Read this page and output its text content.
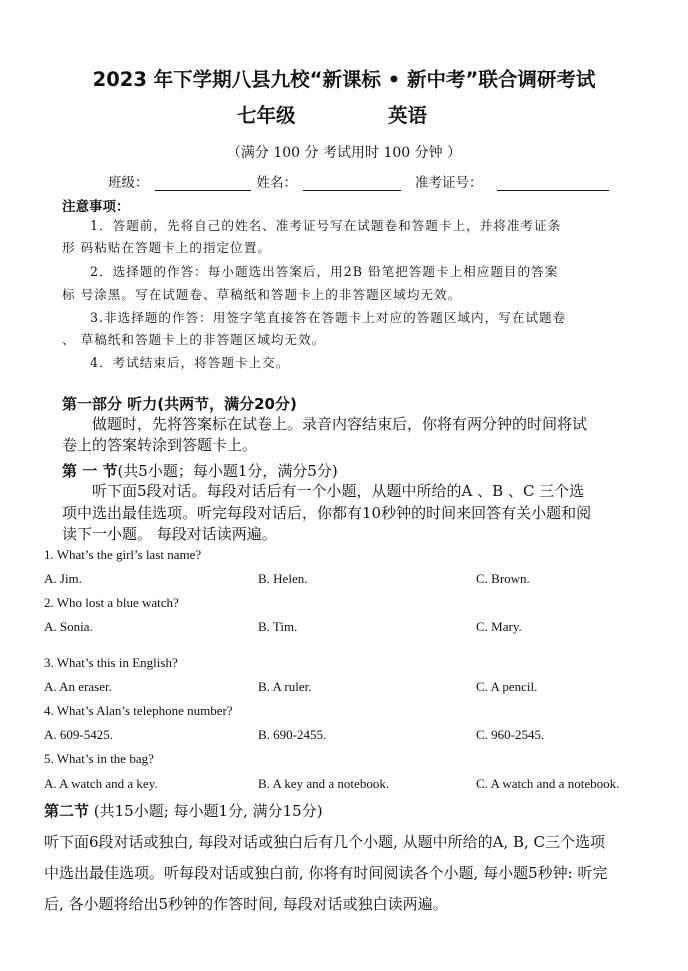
2023 年下学期八县九校“新课标 • 新中考”联合调研考试
七年级	英语
（满分 100 分 考试用时 100 分钟 ）
班级：	姓名：	准考证号：
注意事项：
1．答题前，先将自己的姓名、准考证号写在试题卷和答题卡上，并将准考证条
形 码粘贴在答题卡上的指定位置。
2．选择题的作答：每小题选出答案后，用2B 铅笔把答题卡上相应题目的答案
标 号涂黑。写在试题卷、草稿纸和答题卡上的非答题区域均无效。
3.非选择题的作答：用签字笔直接答在答题卡上对应的答题区域内，写在试题卷
、 草稿纸和答题卡上的非答题区域均无效。
4．考试结束后，将答题卡上交。
第一部分 听力(共两节，满分20分)
做题时，先将答案标在试卷上。录音内容结束后，你将有两分钟的时间将试
卷上的答案转涂到答题卡上。
第 一 节(共5小题；每小题1分，满分5分)
听下面5段对话。每段对话后有一个小题，从题中所给的A 、B 、C 三个选
项中选出最佳选项。听完每段对话后，你都有10秒钟的时间来回答有关小题和阅
读下一小题。 每段对话读两遍。
1. What’s the girl’s last name?
A. Jim.	B. Helen.	C. Brown.
2. Who lost a blue watch?
A. Sonia.	B. Tim.	C. Mary.
3. What’s this in English?
A. An eraser.	B. A ruler.	C. A pencil.
4. What’s Alan’s telephone number?
A. 609-5425.	B. 690-2455.	C. 960-2545.
5. What’s in the bag?
A. A watch and a key.	B. A key and a notebook.	C. A watch and a notebook.
第二节 (共15小题; 每小题1分, 满分15分)
听下面6段对话或独白, 每段对话或独白后有几个小题, 从题中所给的A, B, C三个选项
中选出最佳选项。听每段对话或独白前, 你将有时间阅读各个小题, 每小题5秒钟: 听完
后, 各小题将给出5秒钟的作答时间, 每段对话或独白读两遍。
